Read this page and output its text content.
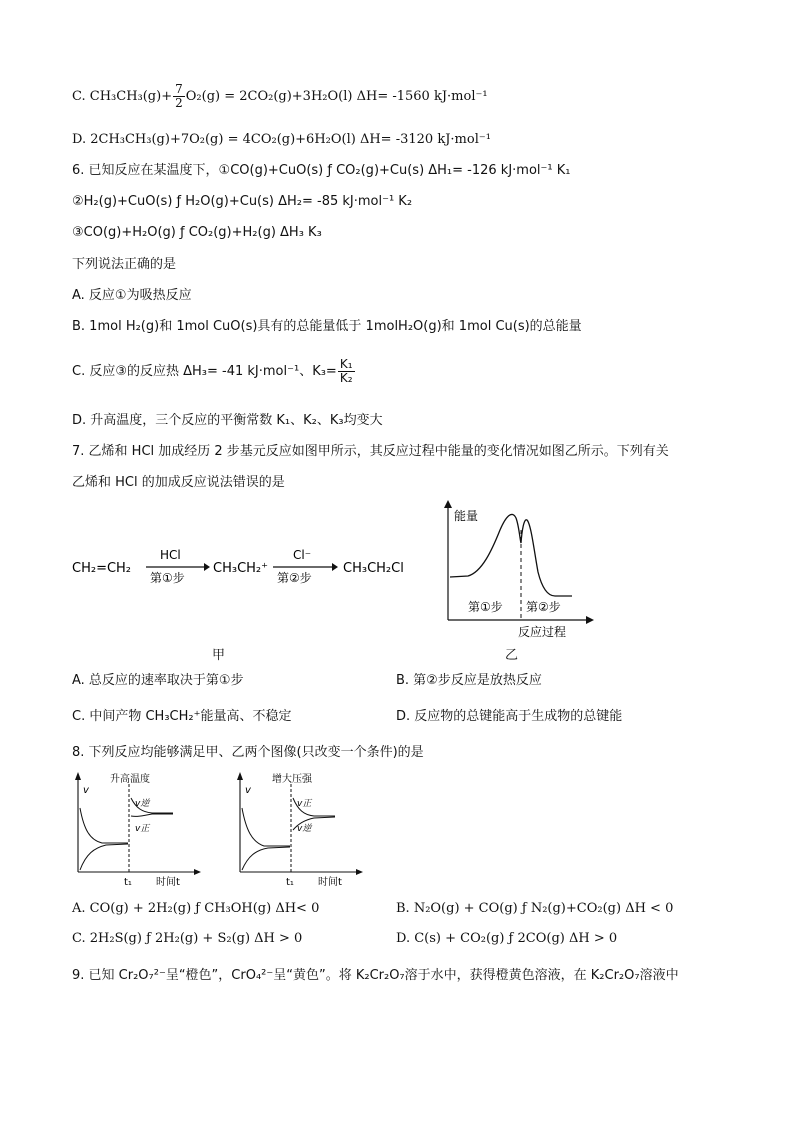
C. $CH_3CH_3(g)+ \frac{7}{2} O_2(g) = 2CO_2(g)+3H_2O(l)$ ΔH= -1560 kJ·mol⁻¹
D. 2CH₃CH₃(g)+7O₂(g) = 4CO₂(g)+6H₂O(l) ΔH= -3120 kJ·mol⁻¹
6. 已知反应在某温度下，①CO(g)+CuO(s) ƒ CO₂(g)+Cu(s) ΔH₁= -126 kJ·mol⁻¹ K₁
②H₂(g)+CuO(s) ƒ H₂O(g)+Cu(s) ΔH₂= -85 kJ·mol⁻¹ K₂
③CO(g)+H₂O(g) ƒ CO₂(g)+H₂(g) ΔH₃ K₃
下列说法正确的是
A. 反应①为吸热反应
B. 1mol H₂(g)和 1mol CuO(s)具有的总能量低于 1molH₂O(g)和 1mol Cu(s)的总能量
C. 反应③的反应热 ΔH₃= -41 kJ·mol⁻¹、$K_3= \frac{\text{K₁}}{\text{K₂}}$
D. 升高温度，三个反应的平衡常数 K₁、K₂、K₃均变大
7. 乙烯和 HCl 加成经历 2 步基元反应如图甲所示，其反应过程中能量的变化情况如图乙所示。下列有关
乙烯和 HCl 的加成反应说法错误的是
CH₂=CH₂
HCl
第①步
CH₃CH₂⁺
Cl⁻
第②步
CH₃CH₂Cl
能量
第①步 第②步
反应过程
甲	乙
A. 总反应的速率取决于第①步	B. 第②步反应是放热反应
C. 中间产物 CH₃CH₂⁺能量高、不稳定	D. 反应物的总键能高于生成物的总键能
8. 下列反应均能够满足甲、乙两个图像(只改变一个条件)的是
v
升高温度
v逆
v正
t₁ 时间t
v
增大压强
v正
v逆
t₁ 时间t
A. CO(g) + 2H₂(g) ƒ CH₃OH(g) ΔH< 0	B. N₂O(g) + CO(g) ƒ N₂(g)+CO₂(g) ΔH < 0
C. 2H₂S(g) ƒ 2H₂(g) + S₂(g) ΔH > 0	D. C(s) + CO₂(g) ƒ 2CO(g) ΔH > 0
9. 已知 Cr₂O₇²⁻呈“橙色”，CrO₄²⁻呈“黄色”。将 K₂Cr₂O₇溶于水中，获得橙黄色溶液，在 K₂Cr₂O₇溶液中
